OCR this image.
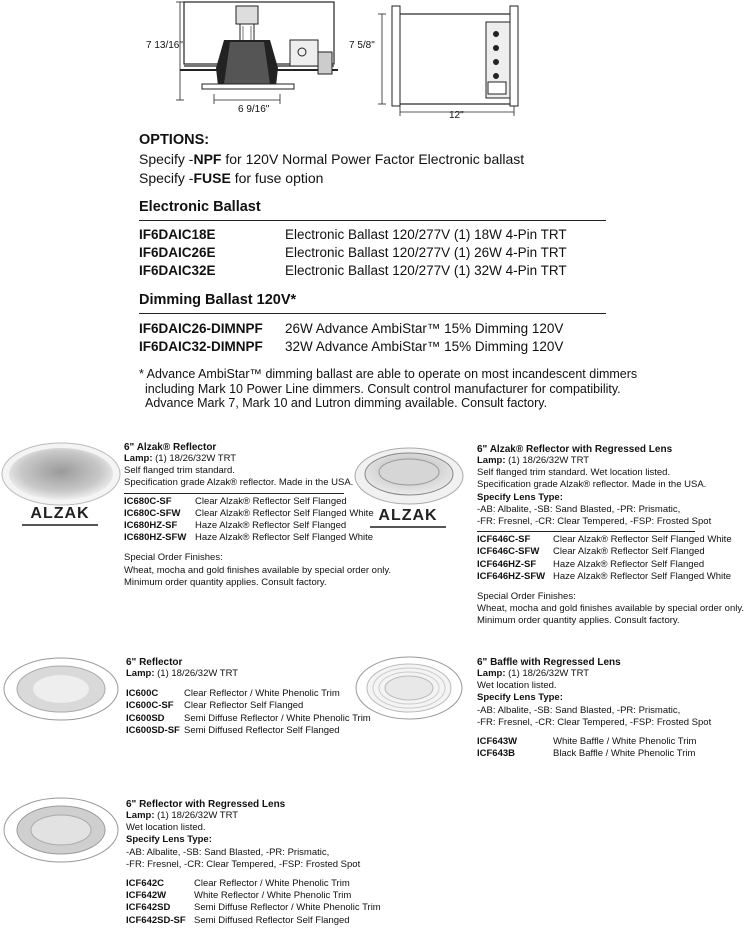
7 13/16"
6 9/16"
7 5/8"
12"
OPTIONS:
Specify -NPF for 120V Normal Power Factor Electronic ballast
Specify -FUSE for fuse option
Electronic Ballast
IF6DAIC18E	Electronic Ballast 120/277V (1) 18W 4-Pin TRT
IF6DAIC26E	Electronic Ballast 120/277V (1) 26W 4-Pin TRT
IF6DAIC32E	Electronic Ballast 120/277V (1) 32W 4-Pin TRT
Dimming Ballast 120V*
IF6DAIC26-DIMNPF 26W Advance AmbiStar™ 15% Dimming 120V
IF6DAIC32-DIMNPF 32W Advance AmbiStar™ 15% Dimming 120V
* Advance AmbiStar™ dimming ballast are able to operate on most incandescent dimmers
including Mark 10 Power Line dimmers. Consult control manufacturer for compatibility.
Advance Mark 7, Mark 10 and Lutron dimming available. Consult factory.
ALZAK	ALZAK
6" Alzak® Reflector
Lamp: (1) 18/26/32W TRT
Self flanged trim standard.
Specification grade Alzak® reflector. Made in the USA.
IC680C-SF Clear Alzak® Reflector Self Flanged
IC680C-SFW Clear Alzak® Reflector Self Flanged White
IC680HZ-SF Haze Alzak® Reflector Self Flanged
IC680HZ-SFW Haze Alzak® Reflector Self Flanged White
Special Order Finishes:
Wheat, mocha and gold finishes available by special order only.
Minimum order quantity applies. Consult factory.
6" Alzak® Reflector with Regressed Lens
Lamp: (1) 18/26/32W TRT
Self flanged trim standard. Wet location listed.
Specification grade Alzak® reflector. Made in the USA.
Specify Lens Type:
-AB: Albalite, -SB: Sand Blasted, -PR: Prismatic,
-FR: Fresnel, -CR: Clear Tempered, -FSP: Frosted Spot
ICF646C-SF Clear Alzak® Reflector Self Flanged White
ICF646C-SFW Clear Alzak® Reflector Self Flanged
ICF646HZ-SF Haze Alzak® Reflector Self Flanged
ICF646HZ-SFW Haze Alzak® Reflector Self Flanged White
Special Order Finishes:
Wheat, mocha and gold finishes available by special order only.
Minimum order quantity applies. Consult factory.
6" Reflector
Lamp: (1) 18/26/32W TRT
IC600C	Clear Reflector / White Phenolic Trim
IC600C-SF Clear Reflector Self Flanged
IC600SD Semi Diffuse Reflector / White Phenolic Trim
IC600SD-SF Semi Diffused Reflector Self Flanged
6" Baffle with Regressed Lens
Lamp: (1) 18/26/32W TRT
Wet location listed.
Specify Lens Type:
-AB: Albalite, -SB: Sand Blasted, -PR: Prismatic,
-FR: Fresnel, -CR: Clear Tempered, -FSP: Frosted Spot
ICF643W	White Baffle / White Phenolic Trim
ICF643B	Black Baffle / White Phenolic Trim
6" Reflector with Regressed Lens
Lamp: (1) 18/26/32W TRT
Wet location listed.
Specify Lens Type:
-AB: Albalite, -SB: Sand Blasted, -PR: Prismatic,
-FR: Fresnel, -CR: Clear Tempered, -FSP: Frosted Spot
ICF642C	Clear Reflector / White Phenolic Trim
ICF642W	White Reflector / White Phenolic Trim
ICF642SD Semi Diffuse Reflector / White Phenolic Trim
ICF642SD-SF Semi Diffused Reflector Self Flanged
